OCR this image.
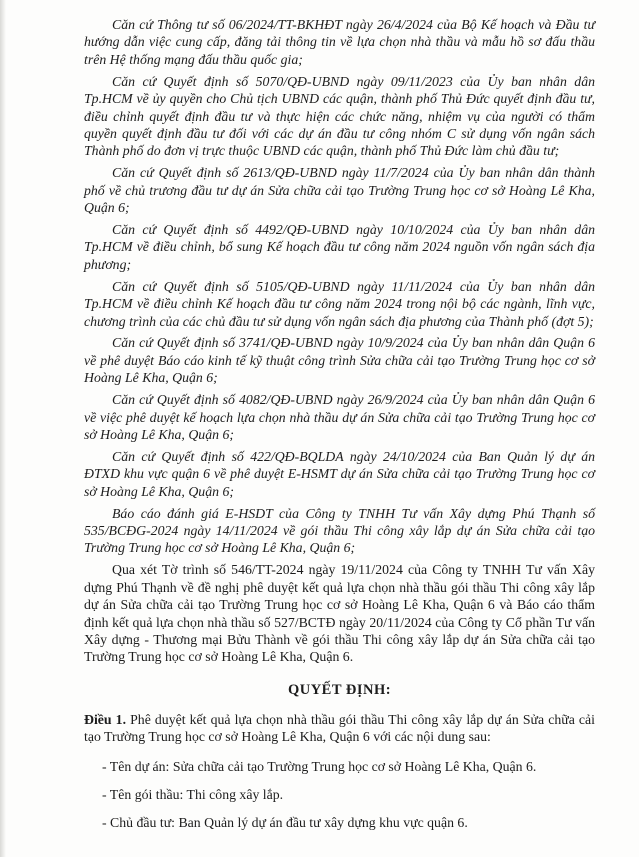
Căn cứ Thông tư số 06/2024/TT-BKHĐT ngày 26/4/2024 của Bộ Kế hoạch và Đầu tư hướng dẫn việc cung cấp, đăng tải thông tin về lựa chọn nhà thầu và mẫu hồ sơ đấu thầu trên Hệ thống mạng đấu thầu quốc gia;

Căn cứ Quyết định số 5070/QĐ-UBND ngày 09/11/2023 của Ủy ban nhân dân Tp.HCM về ủy quyền cho Chủ tịch UBND các quận, thành phố Thủ Đức quyết định đầu tư, điều chỉnh quyết định đầu tư và thực hiện các chức năng, nhiệm vụ của người có thẩm quyền quyết định đầu tư đối với các dự án đầu tư công nhóm C sử dụng vốn ngân sách Thành phố do đơn vị trực thuộc UBND các quận, thành phố Thủ Đức làm chủ đầu tư;

Căn cứ Quyết định số 2613/QĐ-UBND ngày 11/7/2024 của Ủy ban nhân dân thành phố về chủ trương đầu tư dự án Sửa chữa cải tạo Trường Trung học cơ sở Hoàng Lê Kha, Quận 6;

Căn cứ Quyết định số 4492/QĐ-UBND ngày 10/10/2024 của Ủy ban nhân dân Tp.HCM về điều chỉnh, bổ sung Kế hoạch đầu tư công năm 2024 nguồn vốn ngân sách địa phương;

Căn cứ Quyết định số 5105/QĐ-UBND ngày 11/11/2024 của Ủy ban nhân dân Tp.HCM về điều chỉnh Kế hoạch đầu tư công năm 2024 trong nội bộ các ngành, lĩnh vực, chương trình của các chủ đầu tư sử dụng vốn ngân sách địa phương của Thành phố (đợt 5);

Căn cứ Quyết định số 3741/QĐ-UBND ngày 10/9/2024 của Ủy ban nhân dân Quận 6 về phê duyệt Báo cáo kinh tế kỹ thuật công trình Sửa chữa cải tạo Trường Trung học cơ sở Hoàng Lê Kha, Quận 6;

Căn cứ Quyết định số 4082/QĐ-UBND ngày 26/9/2024 của Ủy ban nhân dân Quận 6 về việc phê duyệt kế hoạch lựa chọn nhà thầu dự án Sửa chữa cải tạo Trường Trung học cơ sở Hoàng Lê Kha, Quận 6;

Căn cứ Quyết định số 422/QĐ-BQLDA ngày 24/10/2024 của Ban Quản lý dự án ĐTXD khu vực quận 6 về phê duyệt E-HSMT dự án Sửa chữa cải tạo Trường Trung học cơ sở Hoàng Lê Kha, Quận 6;

Báo cáo đánh giá E-HSDT của Công ty TNHH Tư vấn Xây dựng Phú Thạnh số 535/BCĐG-2024 ngày 14/11/2024 về gói thầu Thi công xây lắp dự án Sửa chữa cải tạo Trường Trung học cơ sở Hoàng Lê Kha, Quận 6;

Qua xét Tờ trình số 546/TT-2024 ngày 19/11/2024 của Công ty TNHH Tư vấn Xây dựng Phú Thạnh về đề nghị phê duyệt kết quả lựa chọn nhà thầu gói thầu Thi công xây lắp dự án Sửa chữa cải tạo Trường Trung học cơ sở Hoàng Lê Kha, Quận 6 và Báo cáo thẩm định kết quả lựa chọn nhà thầu số 527/BCTĐ ngày 20/11/2024 của Công ty Cổ phần Tư vấn Xây dựng - Thương mại Bửu Thành về gói thầu Thi công xây lắp dự án Sửa chữa cải tạo Trường Trung học cơ sở Hoàng Lê Kha, Quận 6.

QUYẾT ĐỊNH:

Điều 1. Phê duyệt kết quả lựa chọn nhà thầu gói thầu Thi công xây lắp dự án Sửa chữa cải tạo Trường Trung học cơ sở Hoàng Lê Kha, Quận 6 với các nội dung sau:

- Tên dự án: Sửa chữa cải tạo Trường Trung học cơ sở Hoàng Lê Kha, Quận 6.
- Tên gói thầu: Thi công xây lắp.
- Chủ đầu tư: Ban Quản lý dự án đầu tư xây dựng khu vực quận 6.
